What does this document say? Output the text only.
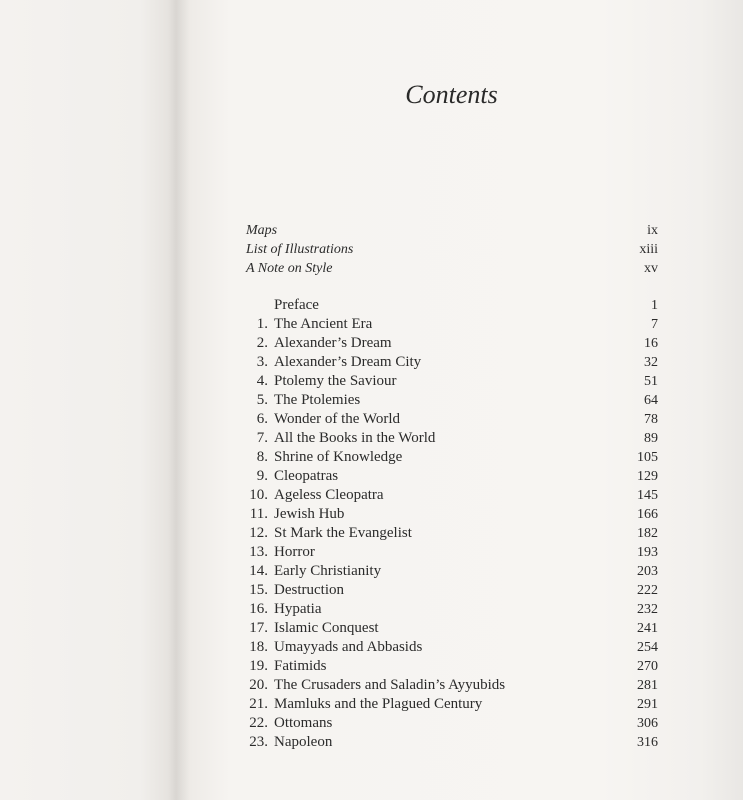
Contents
Maps	ix
List of Illustrations	xiii
A Note on Style	xv
Preface	1
1. The Ancient Era	7
2. Alexander’s Dream	16
3. Alexander’s Dream City	32
4. Ptolemy the Saviour	51
5. The Ptolemies	64
6. Wonder of the World	78
7. All the Books in the World	89
8. Shrine of Knowledge	105
9. Cleopatras	129
10. Ageless Cleopatra	145
11. Jewish Hub	166
12. St Mark the Evangelist	182
13. Horror	193
14. Early Christianity	203
15. Destruction	222
16. Hypatia	232
17. Islamic Conquest	241
18. Umayyads and Abbasids	254
19. Fatimids	270
20. The Crusaders and Saladin’s Ayyubids	281
21. Mamluks and the Plagued Century	291
22. Ottomans	306
23. Napoleon	316
